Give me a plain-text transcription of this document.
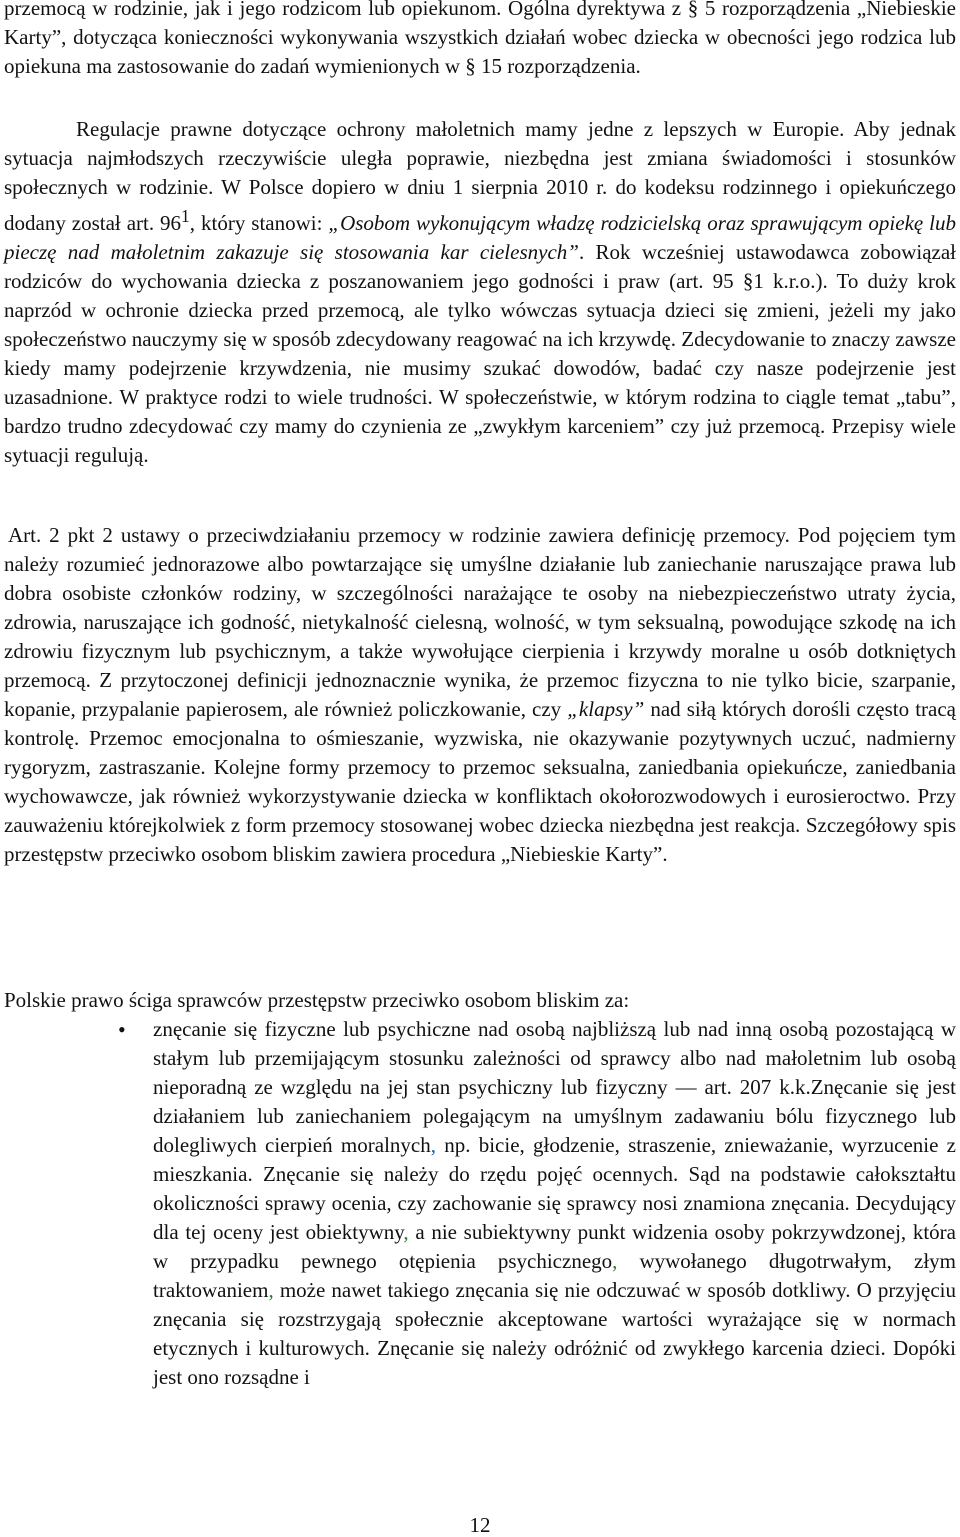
przemocą w rodzinie, jak i jego rodzicom lub opiekunom. Ogólna dyrektywa z § 5 rozporządzenia „Niebieskie Karty”, dotycząca konieczności wykonywania wszystkich działań wobec dziecka w obecności jego rodzica lub opiekuna ma zastosowanie do zadań wymienionych w § 15 rozporządzenia.

Regulacje prawne dotyczące ochrony małoletnich mamy jedne z lepszych w Europie. Aby jednak sytuacja najmłodszych rzeczywiście uległa poprawie, niezbędna jest zmiana świadomości i stosunków społecznych w rodzinie. W Polsce dopiero w dniu 1 sierpnia 2010 r. do kodeksu rodzinnego i opiekuńczego dodany został art. $96^1$, który stanowi: „Osobom wykonującym władzę rodzicielską oraz sprawującym opiekę lub pieczę nad małoletnim zakazuje się stosowania kar cielesnych”. Rok wcześniej ustawodawca zobowiązał rodziców do wychowania dziecka z poszanowaniem jego godności i praw (art. 95 §1 k.r.o.). To duży krok naprzód w ochronie dziecka przed przemocą, ale tylko wówczas sytuacja dzieci się zmieni, jeżeli my jako społeczeństwo nauczymy się w sposób zdecydowany reagować na ich krzywdę. Zdecydowanie to znaczy zawsze kiedy mamy podejrzenie krzywdzenia, nie musimy szukać dowodów, badać czy nasze podejrzenie jest uzasadnione. W praktyce rodzi to wiele trudności. W społeczeństwie, w którym rodzina to ciągle temat „tabu”, bardzo trudno zdecydować czy mamy do czynienia ze „zwykłym karceniem” czy już przemocą. Przepisy wiele sytuacji regulują.

Art. 2 pkt 2 ustawy o przeciwdziałaniu przemocy w rodzinie zawiera definicję przemocy. Pod pojęciem tym należy rozumieć jednorazowe albo powtarzające się umyślne działanie lub zaniechanie naruszające prawa lub dobra osobiste członków rodziny, w szczególności narażające te osoby na niebezpieczeństwo utraty życia, zdrowia, naruszające ich godność, nietykalność cielesną, wolność, w tym seksualną, powodujące szkodę na ich zdrowiu fizycznym lub psychicznym, a także wywołujące cierpienia i krzywdy moralne u osób dotkniętych przemocą. Z przytoczonej definicji jednoznacznie wynika, że przemoc fizyczna to nie tylko bicie, szarpanie, kopanie, przypalanie papierosem, ale również policzkowanie, czy „klapsy” nad siłą których dorośli często tracą kontrolę. Przemoc emocjonalna to ośmieszanie, wyzwiska, nie okazywanie pozytywnych uczuć, nadmierny rygoryzm, zastraszanie. Kolejne formy przemocy to przemoc seksualna, zaniedbania opiekuńcze, zaniedbania wychowawcze, jak również wykorzystywanie dziecka w konfliktach okołorozwodowych i eurosieroctwo. Przy zauważeniu którejkolwiek z form przemocy stosowanej wobec dziecka niezbędna jest reakcja. Szczegółowy spis przestępstw przeciwko osobom bliskim zawiera procedura „Niebieskie Karty”.

Polskie prawo ściga sprawców przestępstw przeciwko osobom bliskim za:

• znęcanie się fizyczne lub psychiczne nad osobą najbliższą lub nad inną osobą pozostającą w stałym lub przemijającym stosunku zależności od sprawcy albo nad małoletnim lub osobą nieporadną ze względu na jej stan psychiczny lub fizyczny — art. 207 k.k.Znęcanie się jest działaniem lub zaniechaniem polegającym na umyślnym zadawaniu bólu fizycznego lub dolegliwych cierpień moralnych, np. bicie, głodzenie, straszenie, znieważanie, wyrzucenie z mieszkania. Znęcanie się należy do rzędu pojęć ocennych. Sąd na podstawie całokształtu okoliczności sprawy ocenia, czy zachowanie się sprawcy nosi znamiona znęcania. Decydujący dla tej oceny jest obiektywny, a nie subiektywny punkt widzenia osoby pokrzywdzonej, która w przypadku pewnego otępienia psychicznego, wywołanego długotrwałym, złym traktowaniem, może nawet takiego znęcania się nie odczuwać w sposób dotkliwy. O przyjęciu znęcania się rozstrzygają społecznie akceptowane wartości wyrażające się w normach etycznych i kulturowych. Znęcanie się należy odróżnić od zwykłego karcenia dzieci. Dopóki jest ono rozsądne i
12
